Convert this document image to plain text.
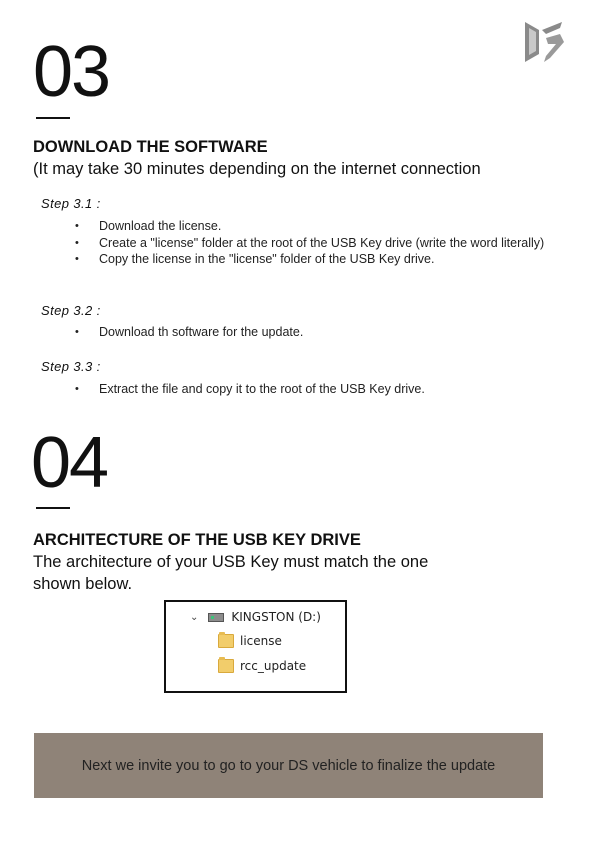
03
DOWNLOAD THE SOFTWARE
(It may take 30 minutes depending on the internet connection
Step 3.1 :
• Download the license.
• Create a "license" folder at the root of the USB Key drive (write the word literally)
• Copy the license in the "license" folder of the USB Key drive.
Step 3.2 :
• Download th software for the update.
Step 3.3 :
• Extract the file and copy it to the root of the USB Key drive.
04
ARCHITECTURE OF THE USB KEY DRIVE
The architecture of your USB Key must match the one
shown below.
⌄	KINGSTON (D:)
license
rcc_update
Next we invite you to go to your DS vehicle to finalize the update
